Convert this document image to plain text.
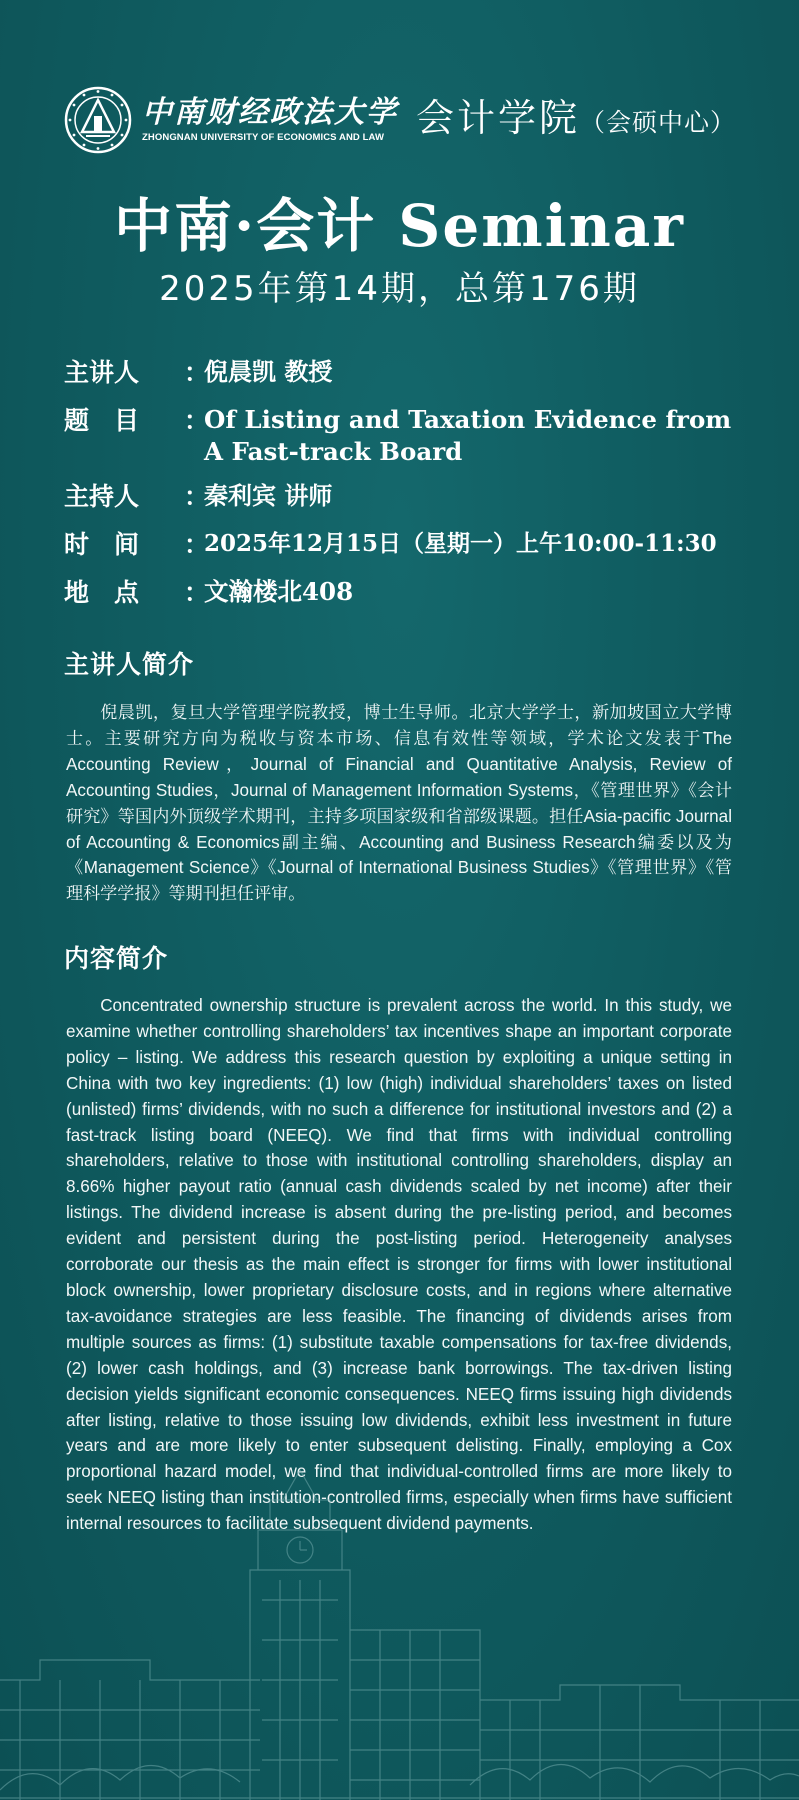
中南财经政法大学
ZHONGNAN UNIVERSITY OF ECONOMICS AND LAW 会计学院（会硕中心）
中南·会计 Seminar
2025年第14期，总第176期
主讲人	：
倪晨凯 教授
题　目	：
Of Listing and Taxation Evidence from
A Fast-track Board
主持人	：
秦利宾 讲师
时　间	：
2025年12月15日（星期一）上午10:00-11:30
地　点	：
文瀚楼北408
主讲人简介
倪晨凯，复旦大学管理学院教授，博士生导师。北京大学学士，新加坡国立大学博士。主要研究方向为税收与资本市场、信息有效性等领域，学术论文发表于The Accounting Review，Journal of Financial and Quantitative Analysis, Review of Accounting Studies，Journal of Management Information Systems，《管理世界》《会计研究》等国内外顶级学术期刊，主持多项国家级和省部级课题。担任Asia-pacific Journal of Accounting & Economics副主编、Accounting and Business Research编委以及为《Management Science》《Journal of International Business Studies》《管理世界》《管理科学学报》等期刊担任评审。
内容简介
Concentrated ownership structure is prevalent across the world. In this study, we examine whether controlling shareholders’ tax incentives shape an important corporate policy – listing. We address this research question by exploiting a unique setting in China with two key ingredients: (1) low (high) individual shareholders’ taxes on listed (unlisted) firms’ dividends, with no such a difference for institutional investors and (2) a fast-track listing board (NEEQ). We find that firms with individual controlling shareholders, relative to those with institutional controlling shareholders, display an 8.66% higher payout ratio (annual cash dividends scaled by net income) after their listings. The dividend increase is absent during the pre-listing period, and becomes evident and persistent during the post-listing period. Heterogeneity analyses corroborate our thesis as the main effect is stronger for firms with lower institutional block ownership, lower proprietary disclosure costs, and in regions where alternative tax-avoidance strategies are less feasible. The financing of dividends arises from multiple sources as firms: (1) substitute taxable compensations for tax-free dividends, (2) lower cash holdings, and (3) increase bank borrowings. The tax-driven listing decision yields significant economic consequences. NEEQ firms issuing high dividends after listing, relative to those issuing low dividends, exhibit less investment in future years and are more likely to enter subsequent delisting. Finally, employing a Cox proportional hazard model, we find that individual-controlled firms are more likely to seek NEEQ listing than institution-controlled firms, especially when firms have sufficient internal resources to facilitate subsequent dividend payments.
